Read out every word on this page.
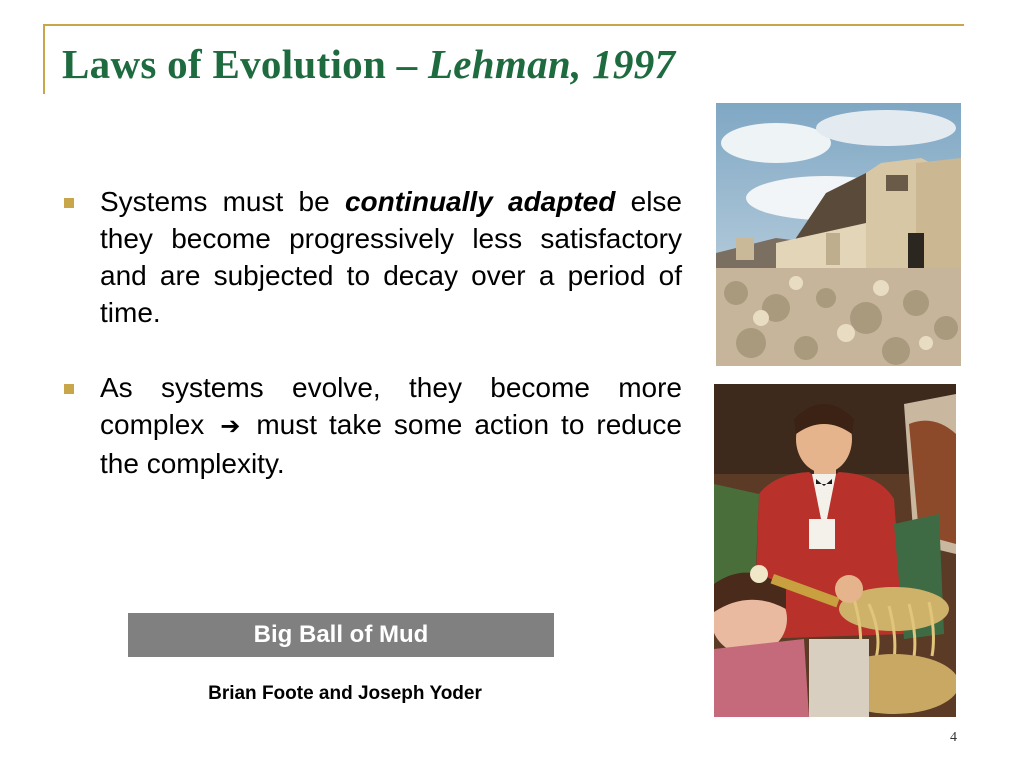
Laws of Evolution – Lehman, 1997
Systems must be continually adapted else they become progressively less satisfactory and are subjected to decay over a period of time.
As systems evolve, they become more complex ➔ must take some action to reduce the complexity.
Big Ball of Mud
Brian Foote and Joseph Yoder
4
